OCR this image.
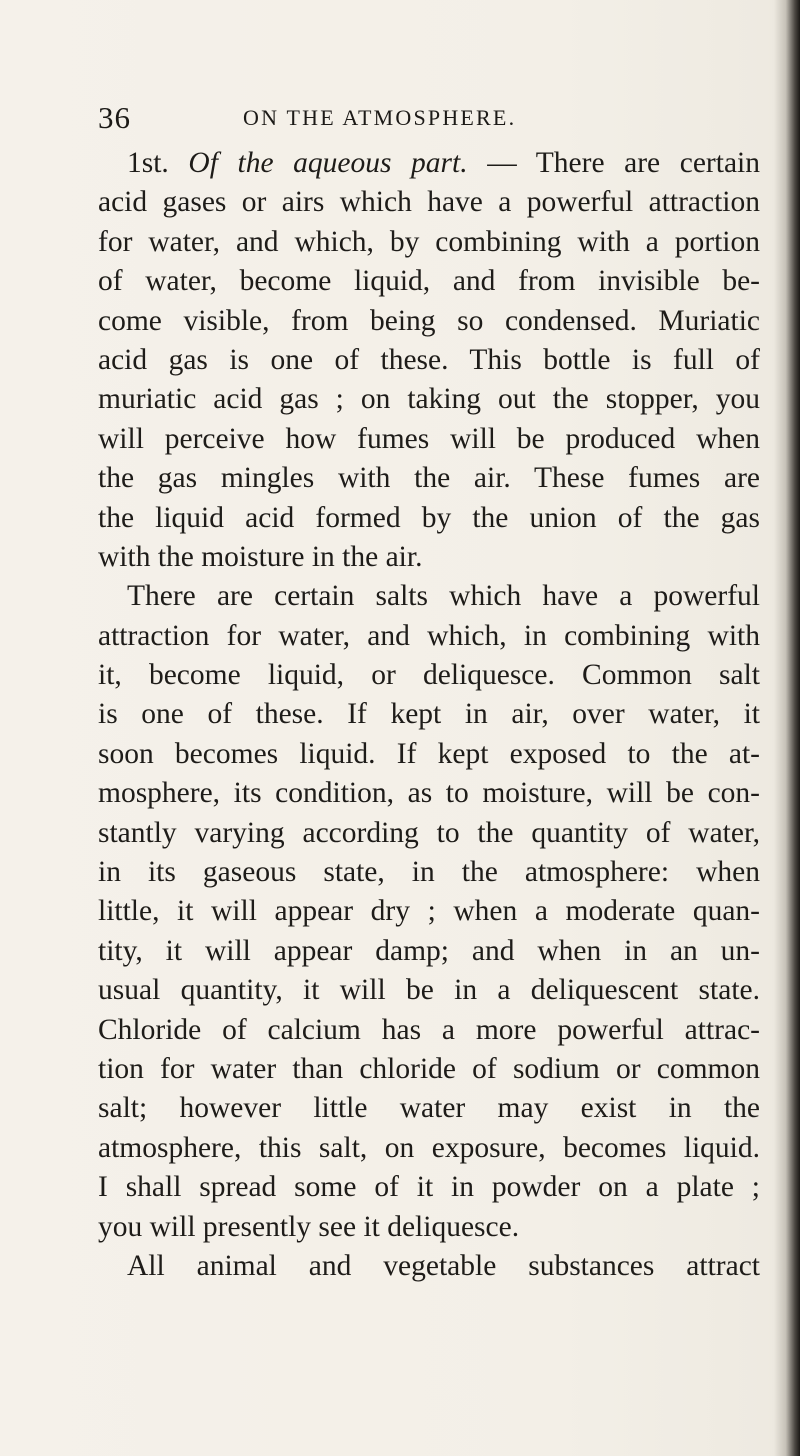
36	ON THE ATMOSPHERE.
1st. Of the aqueous part. — There are certain
acid gases or airs which have a powerful attraction
for water, and which, by combining with a portion
of water, become liquid, and from invisible be-
come visible, from being so condensed. Muriatic
acid gas is one of these. This bottle is full of
muriatic acid gas ; on taking out the stopper, you
will perceive how fumes will be produced when
the gas mingles with the air. These fumes are
the liquid acid formed by the union of the gas
with the moisture in the air.
There are certain salts which have a powerful
attraction for water, and which, in combining with
it, become liquid, or deliquesce. Common salt
is one of these. If kept in air, over water, it
soon becomes liquid. If kept exposed to the at-
mosphere, its condition, as to moisture, will be con-
stantly varying according to the quantity of water,
in its gaseous state, in the atmosphere: when
little, it will appear dry ; when a moderate quan-
tity, it will appear damp; and when in an un-
usual quantity, it will be in a deliquescent state.
Chloride of calcium has a more powerful attrac-
tion for water than chloride of sodium or common
salt; however little water may exist in the
atmosphere, this salt, on exposure, becomes liquid.
I shall spread some of it in powder on a plate ;
you will presently see it deliquesce.
All animal and vegetable substances attract
